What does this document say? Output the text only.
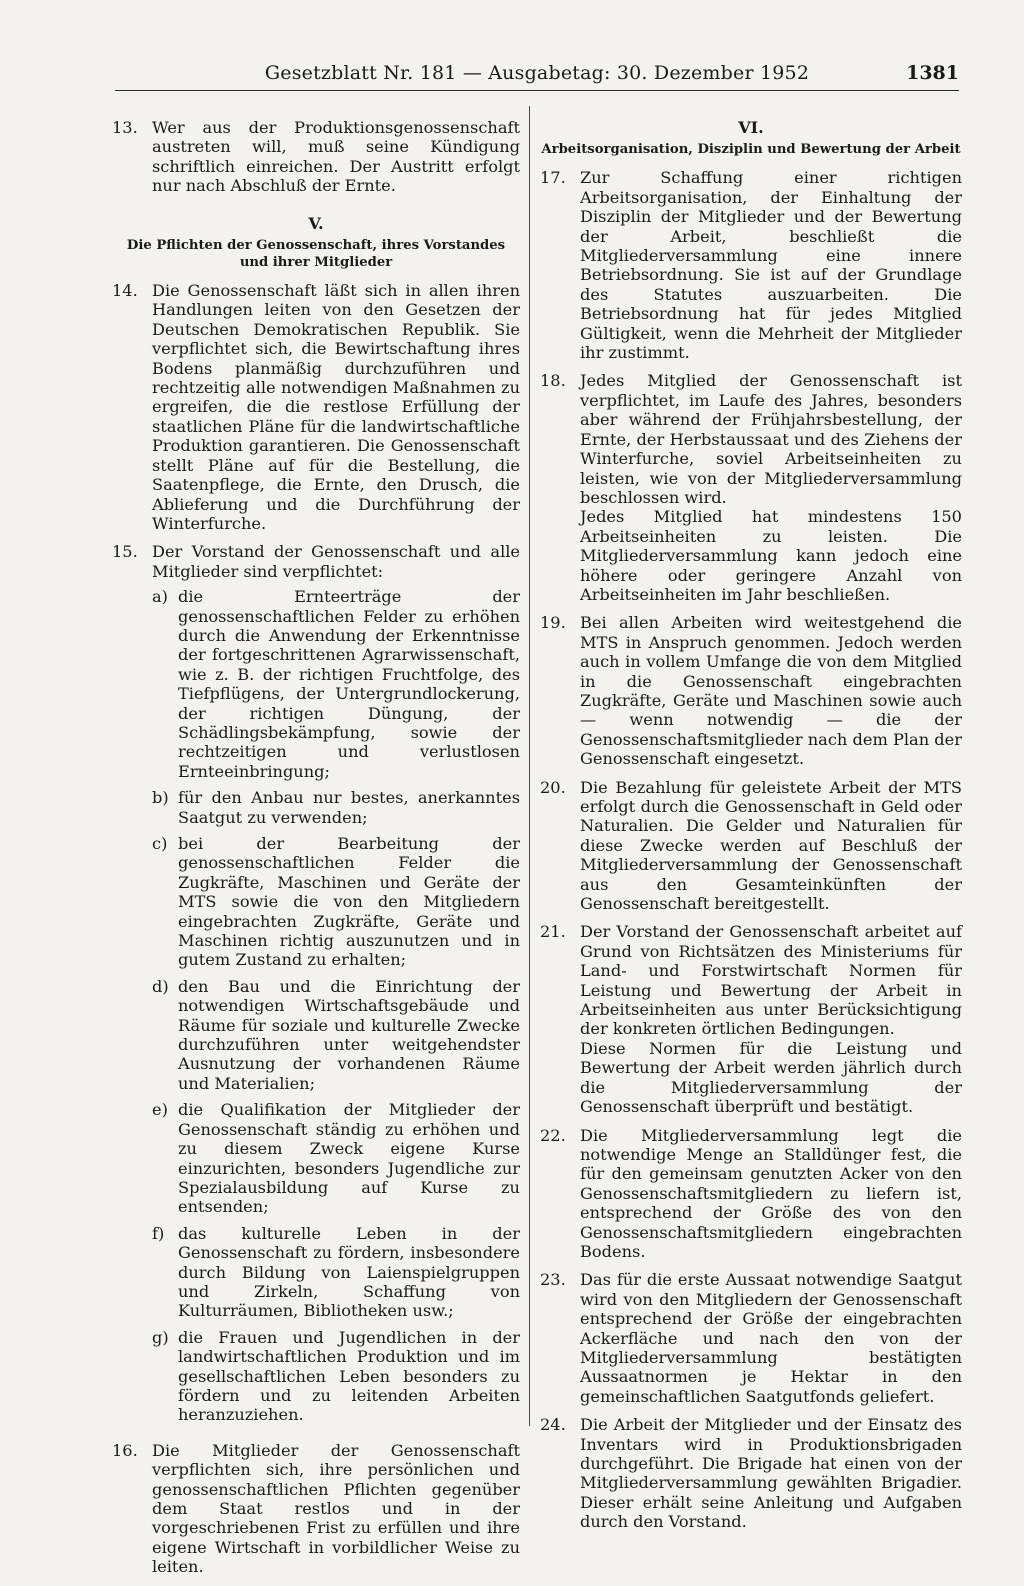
Gesetzblatt Nr. 181 — Ausgabetag: 30. Dezember 1952	1381
13. Wer aus der Produktionsgenossenschaft austreten will, muß seine Kündigung schriftlich einreichen. Der Austritt erfolgt nur nach Abschluß der Ernte.
V.
Die Pflichten der Genossenschaft, ihres Vorstandes und ihrer Mitglieder
14. Die Genossenschaft läßt sich in allen ihren Handlungen leiten von den Gesetzen der Deutschen Demokratischen Republik. Sie verpflichtet sich, die Bewirtschaftung ihres Bodens planmäßig durchzuführen und rechtzeitig alle notwendigen Maßnahmen zu ergreifen, die die restlose Erfüllung der staatlichen Pläne für die landwirtschaftliche Produktion garantieren. Die Genossenschaft stellt Pläne auf für die Bestellung, die Saatenpflege, die Ernte, den Drusch, die Ablieferung und die Durchführung der Winterfurche.
15. Der Vorstand der Genossenschaft und alle Mitglieder sind verpflichtet:

a) die Ernteerträge der genossenschaftlichen Felder zu erhöhen durch die Anwendung der Erkenntnisse der fortgeschrittenen Agrarwissenschaft, wie z. B. der richtigen Fruchtfolge, des Tiefpflügens, der Untergrundlockerung, der richtigen Düngung, der Schädlingsbekämpfung, sowie der rechtzeitigen und verlustlosen Ernteeinbringung;
b) für den Anbau nur bestes, anerkanntes Saatgut zu verwenden;
c) bei der Bearbeitung der genossenschaftlichen Felder die Zugkräfte, Maschinen und Geräte der MTS sowie die von den Mitgliedern eingebrachten Zugkräfte, Geräte und Maschinen richtig auszunutzen und in gutem Zustand zu erhalten;
d) den Bau und die Einrichtung der notwendigen Wirtschaftsgebäude und Räume für soziale und kulturelle Zwecke durchzuführen unter weitgehendster Ausnutzung der vorhandenen Räume und Materialien;
e) die Qualifikation der Mitglieder der Genossenschaft ständig zu erhöhen und zu diesem Zweck eigene Kurse einzurichten, besonders Jugendliche zur Spezialausbildung auf Kurse zu entsenden;
f) das kulturelle Leben in der Genossenschaft zu fördern, insbesondere durch Bildung von Laienspielgruppen und Zirkeln, Schaffung von Kulturräumen, Bibliotheken usw.;
g) die Frauen und Jugendlichen in der landwirtschaftlichen Produktion und im gesellschaftlichen Leben besonders zu fördern und zu leitenden Arbeiten heranzuziehen.
16. Die Mitglieder der Genossenschaft verpflichten sich, ihre persönlichen und genossenschaftlichen Pflichten gegenüber dem Staat restlos und in der vorgeschriebenen Frist zu erfüllen und ihre eigene Wirtschaft in vorbildlicher Weise zu leiten.
VI.
Arbeitsorganisation, Disziplin und Bewertung der Arbeit
17. Zur Schaffung einer richtigen Arbeitsorganisation, der Einhaltung der Disziplin der Mitglieder und der Bewertung der Arbeit, beschließt die Mitgliederversammlung eine innere Betriebsordnung. Sie ist auf der Grundlage des Statutes auszuarbeiten. Die Betriebsordnung hat für jedes Mitglied Gültigkeit, wenn die Mehrheit der Mitglieder ihr zustimmt.
18. Jedes Mitglied der Genossenschaft ist verpflichtet, im Laufe des Jahres, besonders aber während der Frühjahrsbestellung, der Ernte, der Herbstaussaat und des Ziehens der Winterfurche, soviel Arbeitseinheiten zu leisten, wie von der Mitgliederversammlung beschlossen wird.

Jedes Mitglied hat mindestens 150 Arbeitseinheiten zu leisten. Die Mitgliederversammlung kann jedoch eine höhere oder geringere Anzahl von Arbeitseinheiten im Jahr beschließen.

19. Bei allen Arbeiten wird weitestgehend die MTS in Anspruch genommen. Jedoch werden auch in vollem Umfange die von dem Mitglied in die Genossenschaft eingebrachten Zugkräfte, Geräte und Maschinen sowie auch — wenn notwendig — die der Genossenschaftsmitglieder nach dem Plan der Genossenschaft eingesetzt.
20. Die Bezahlung für geleistete Arbeit der MTS erfolgt durch die Genossenschaft in Geld oder Naturalien. Die Gelder und Naturalien für diese Zwecke werden auf Beschluß der Mitgliederversammlung der Genossenschaft aus den Gesamteinkünften der Genossenschaft bereitgestellt.
21. Der Vorstand der Genossenschaft arbeitet auf Grund von Richtsätzen des Ministeriums für Land- und Forstwirtschaft Normen für Leistung und Bewertung der Arbeit in Arbeitseinheiten aus unter Berücksichtigung der konkreten örtlichen Bedingungen.

Diese Normen für die Leistung und Bewertung der Arbeit werden jährlich durch die Mitgliederversammlung der Genossenschaft überprüft und bestätigt.

22. Die Mitgliederversammlung legt die notwendige Menge an Stalldünger fest, die für den gemeinsam genutzten Acker von den Genossenschaftsmitgliedern zu liefern ist, entsprechend der Größe des von den Genossenschaftsmitgliedern eingebrachten Bodens.
23. Das für die erste Aussaat notwendige Saatgut wird von den Mitgliedern der Genossenschaft entsprechend der Größe der eingebrachten Ackerfläche und nach den von der Mitgliederversammlung bestätigten Aussaatnormen je Hektar in den gemeinschaftlichen Saatgutfonds geliefert.
24. Die Arbeit der Mitglieder und der Einsatz des Inventars wird in Produktionsbrigaden durchgeführt. Die Brigade hat einen von der Mitgliederversammlung gewählten Brigadier. Dieser erhält seine Anleitung und Aufgaben durch den Vorstand.
